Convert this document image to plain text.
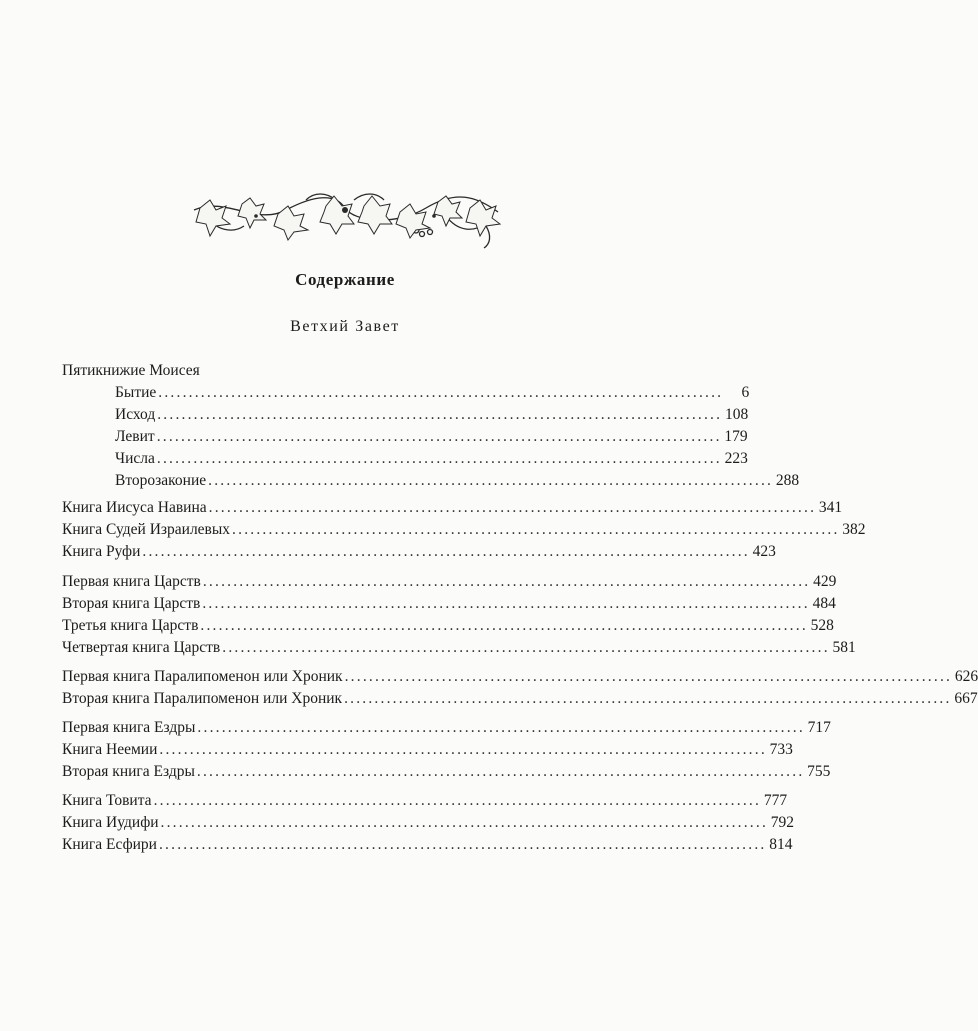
Содержание
Ветхий Завет
Пятикнижие Моисея
Бытие .............................................................................................	6
Исход ............................................................................................. 108
Левит ............................................................................................. 179
Числа ............................................................................................. 223
Второзаконие ............................................................................................. 288
Книга Иисуса Навина .................................................................................................... 341
Книга Судей Израилевых .................................................................................................... 382
Книга Руфи .................................................................................................... 423
Первая книга Царств .................................................................................................... 429
Вторая книга Царств .................................................................................................... 484
Третья книга Царств .................................................................................................... 528
Четвертая книга Царств .................................................................................................... 581
Первая книга Паралипоменон или Хроник .................................................................................................... 626
Вторая книга Паралипоменон или Хроник .................................................................................................... 667
Первая книга Ездры .................................................................................................... 717
Книга Неемии .................................................................................................... 733
Вторая книга Ездры .................................................................................................... 755
Книга Товита .................................................................................................... 777
Книга Иудифи .................................................................................................... 792
Книга Есфири .................................................................................................... 814
